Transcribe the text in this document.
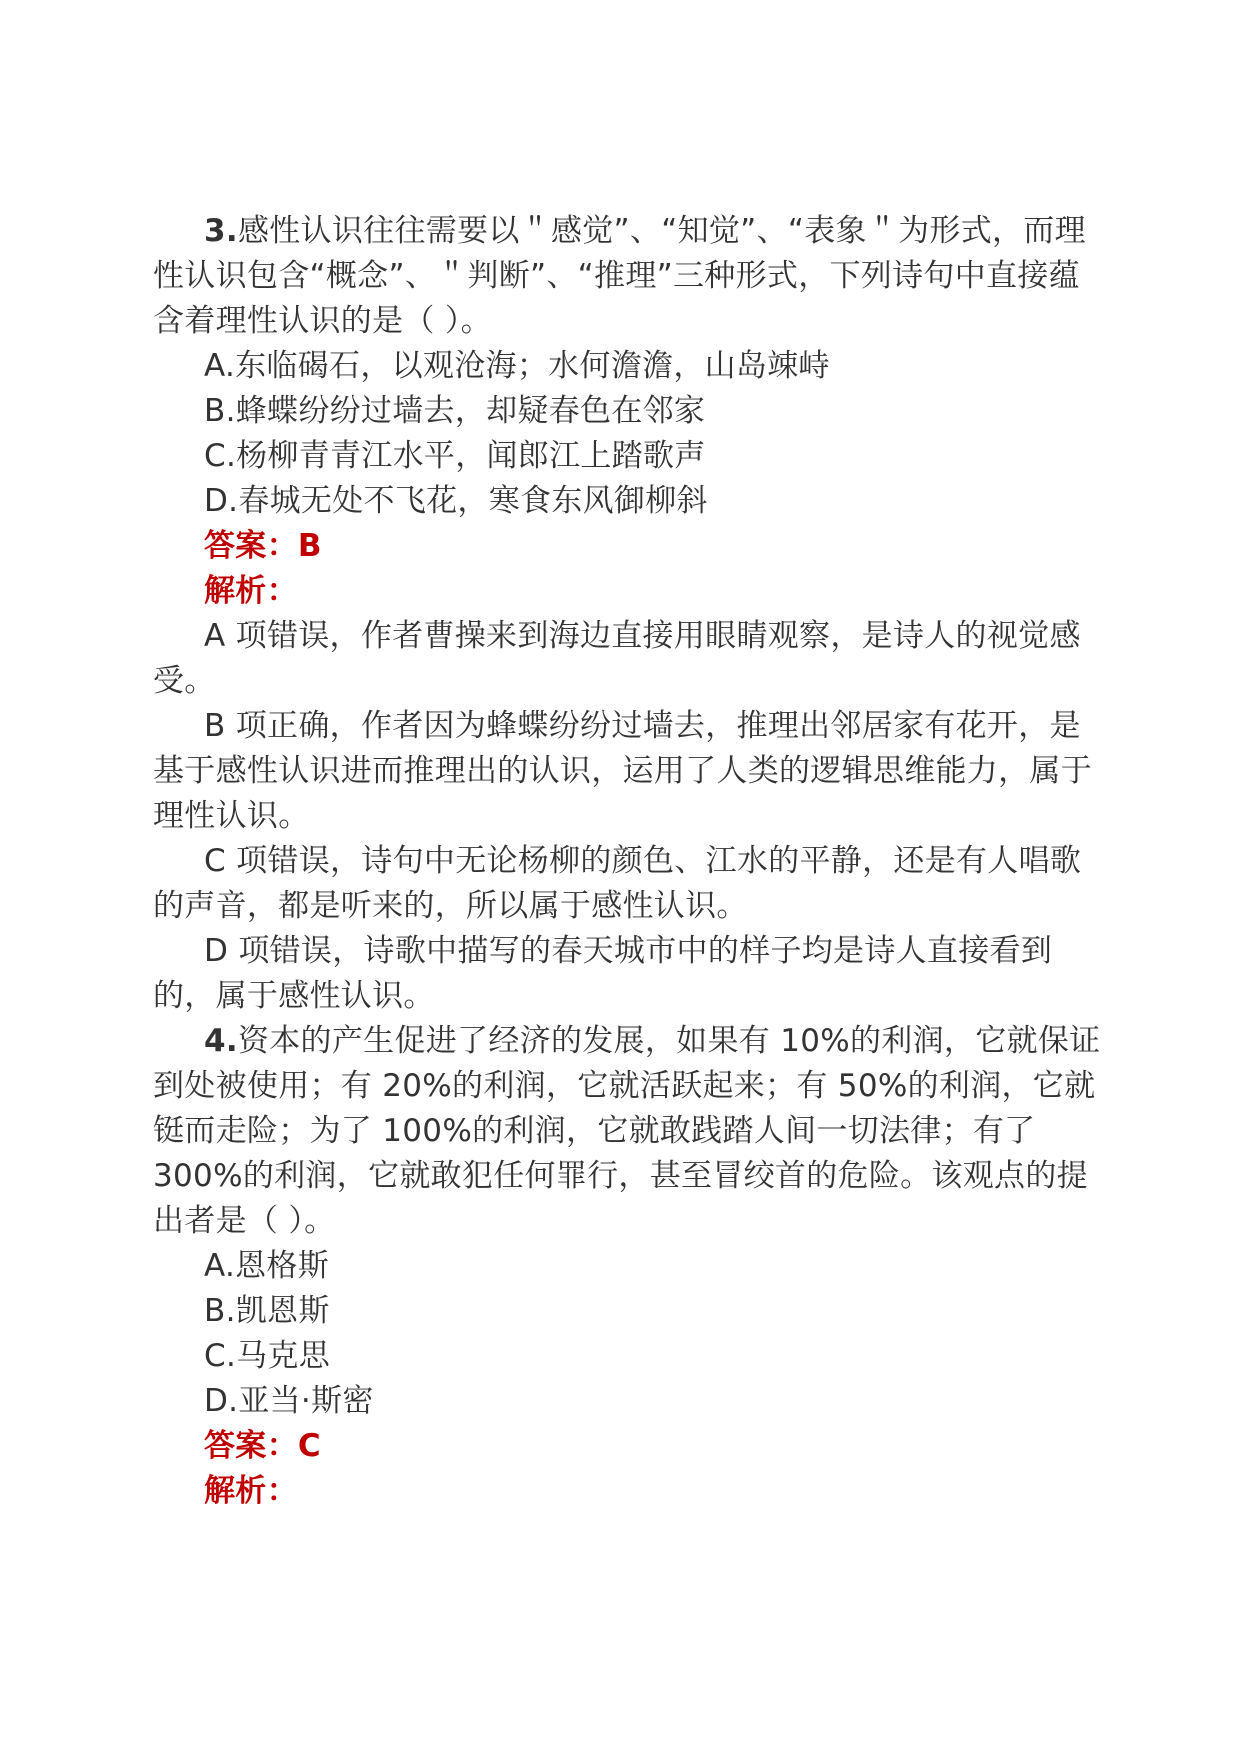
3.感性认识往往需要以＂感觉”、“知觉”、“表象＂为形式，而理性认识包含“概念”、＂判断”、“推理”三种形式，下列诗句中直接蕴含着理性认识的是（ ）。

A.东临碣石，以观沧海；水何澹澹，山岛竦峙

B.蜂蝶纷纷过墙去，却疑春色在邻家

C.杨柳青青江水平，闻郎江上踏歌声

D.春城无处不飞花，寒食东风御柳斜

答案：B

解析：

A 项错误，作者曹操来到海边直接用眼睛观察，是诗人的视觉感受。

B 项正确，作者因为蜂蝶纷纷过墙去，推理出邻居家有花开，是基于感性认识进而推理出的认识，运用了人类的逻辑思维能力，属于理性认识。

C 项错误，诗句中无论杨柳的颜色、江水的平静，还是有人唱歌的声音，都是听来的，所以属于感性认识。

D 项错误，诗歌中描写的春天城市中的样子均是诗人直接看到的，属于感性认识。

4.资本的产生促进了经济的发展，如果有 10%的利润，它就保证到处被使用；有 20%的利润，它就活跃起来；有 50%的利润，它就铤而走险；为了 100%的利润，它就敢践踏人间一切法律；有了 300%的利润，它就敢犯任何罪行，甚至冒绞首的危险。该观点的提出者是（ ）。

A.恩格斯

B.凯恩斯

C.马克思

D.亚当·斯密

答案：C

解析：
